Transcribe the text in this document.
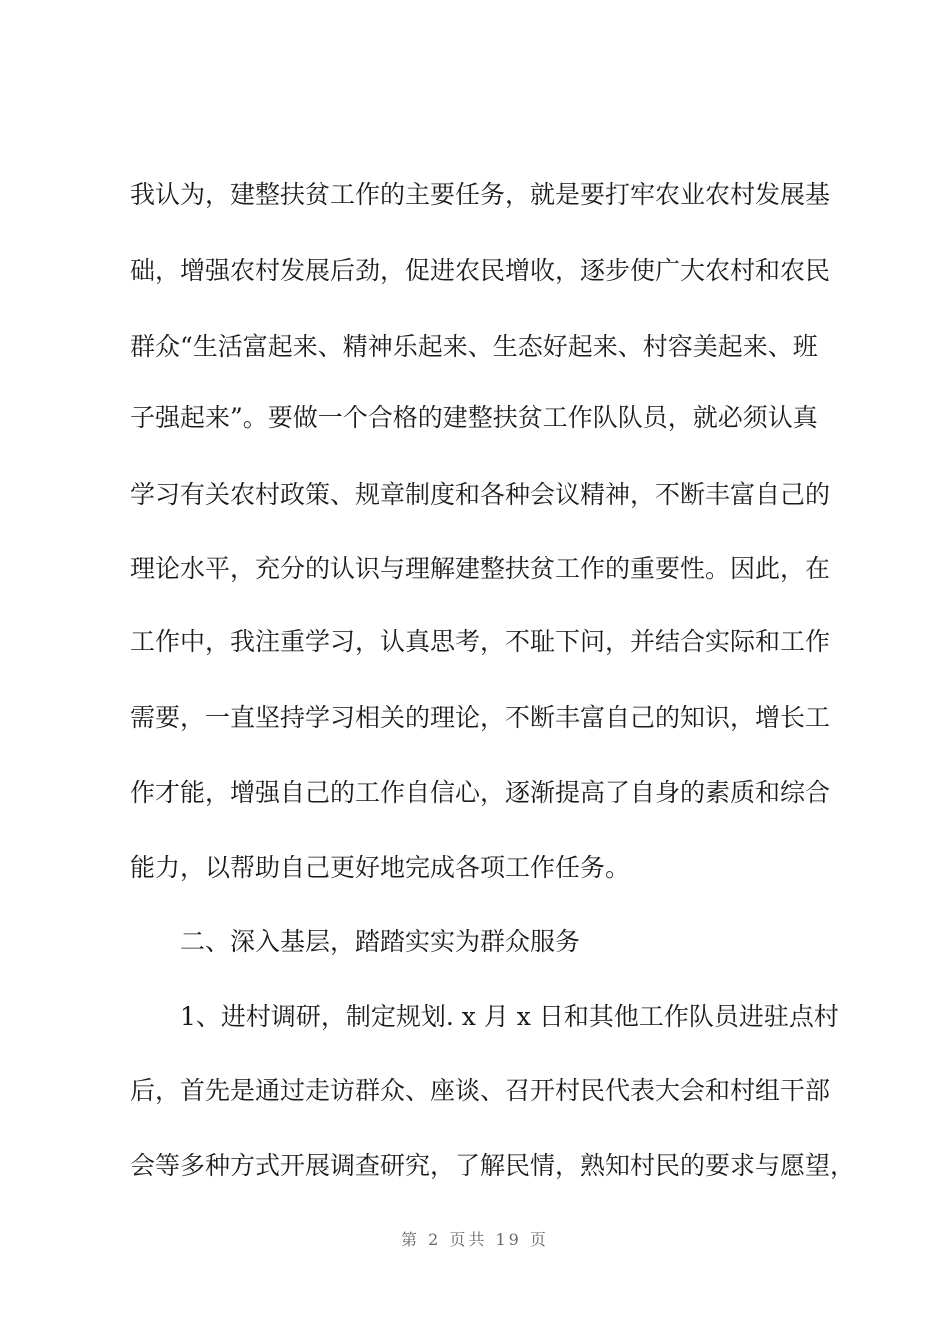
我认为，建整扶贫工作的主要任务，就是要打牢农业农村发展基
础，增强农村发展后劲，促进农民增收，逐步使广大农村和农民
群众“生活富起来、精神乐起来、生态好起来、村容美起来、班
子强起来”。要做一个合格的建整扶贫工作队队员，就必须认真
学习有关农村政策、规章制度和各种会议精神，不断丰富自己的
理论水平，充分的认识与理解建整扶贫工作的重要性。因此，在
工作中，我注重学习，认真思考，不耻下问，并结合实际和工作
需要，一直坚持学习相关的理论，不断丰富自己的知识，增长工
作才能，增强自己的工作自信心，逐渐提高了自身的素质和综合
能力，以帮助自己更好地完成各项工作任务。
二、深入基层，踏踏实实为群众服务
1、进村调研，制定规划. x 月 x 日和其他工作队员进驻点村
后，首先是通过走访群众、座谈、召开村民代表大会和村组干部
会等多种方式开展调查研究，了解民情，熟知村民的要求与愿望，
第 2 页共 19 页
